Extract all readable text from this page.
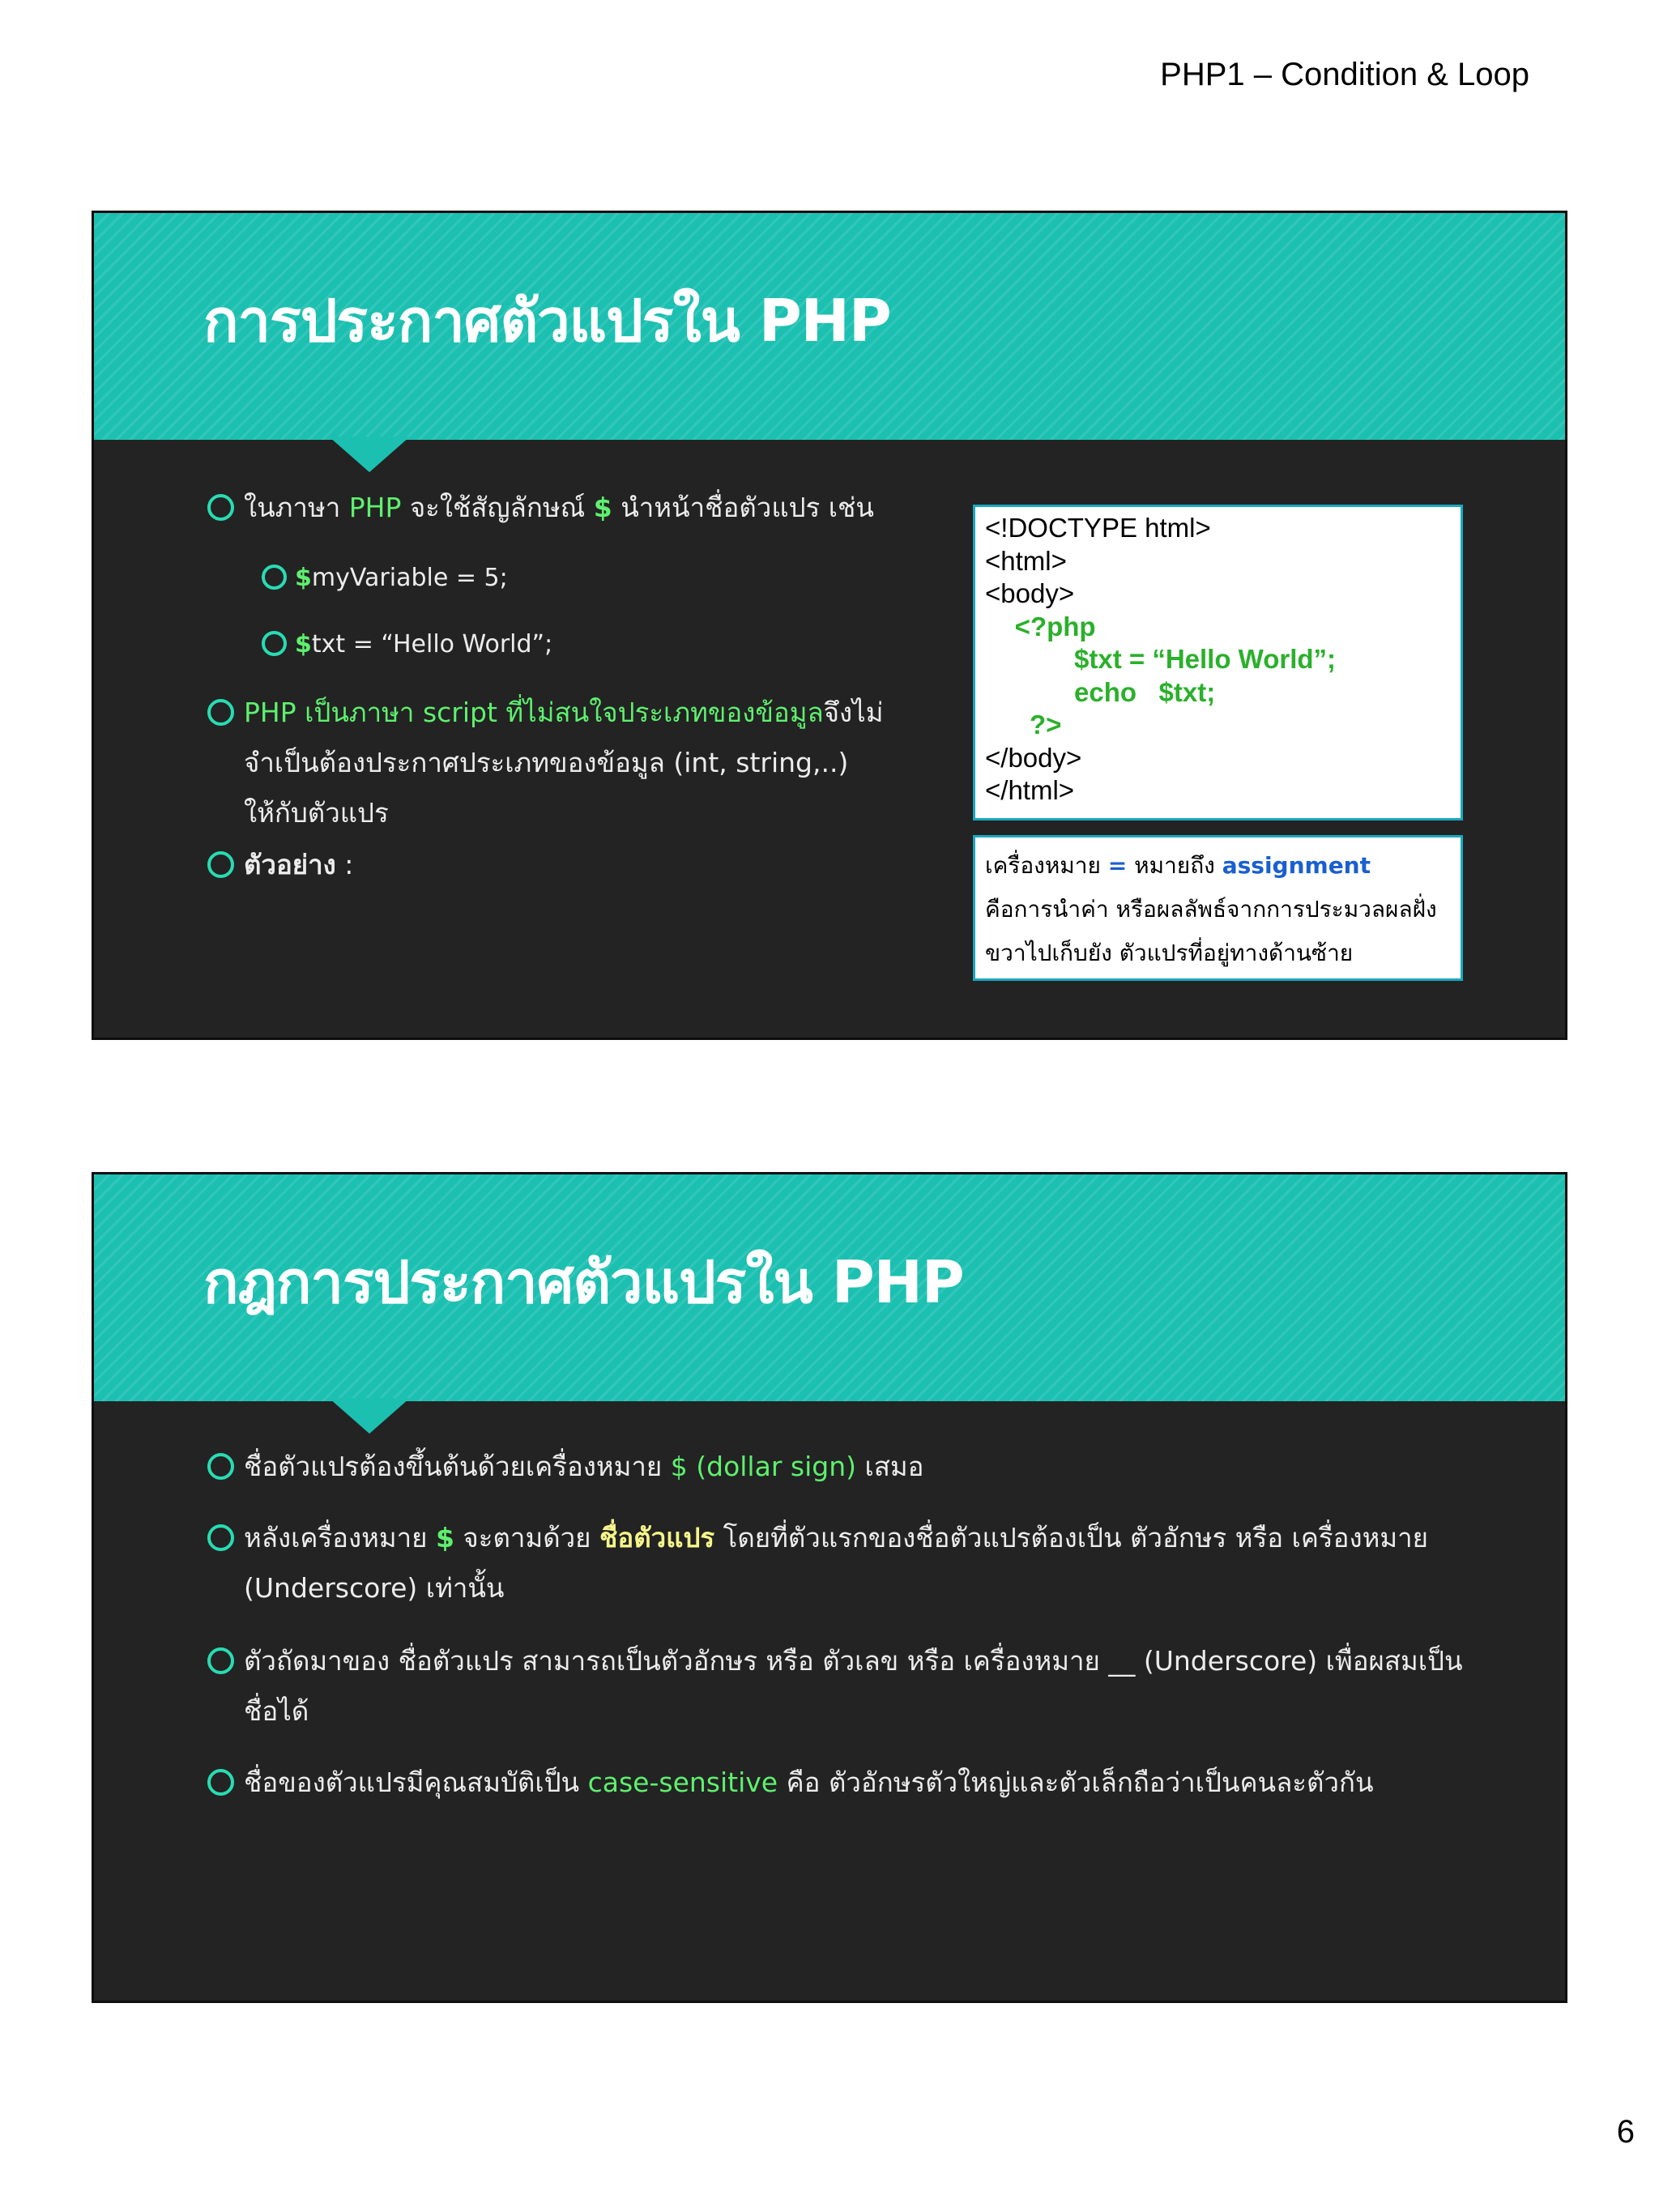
PHP1 – Condition & Loop
การประกาศตัวแปรใน PHP
ในภาษา PHP จะใช้สัญลักษณ์ $ นำหน้าชื่อตัวแปร เช่น
$myVariable = 5;
$txt = “Hello World”;
PHP เป็นภาษา script ที่ไม่สนใจประเภทของข้อมูลจึงไม่
จำเป็นต้องประกาศประเภทของข้อมูล (int, string,..)
ให้กับตัวแปร
ตัวอย่าง :
<!DOCTYPE html>
<html>
<body>
<?php
$txt = “Hello World”;
echo   $txt;
?>
</body>
</html>
เครื่องหมาย = หมายถึง assignment
คือการนำค่า หรือผลลัพธ์จากการประมวลผลฝั่ง
ขวาไปเก็บยัง ตัวแปรที่อยู่ทางด้านซ้าย
กฎการประกาศตัวแปรใน PHP
ชื่อตัวแปรต้องขึ้นต้นด้วยเครื่องหมาย $ (dollar sign) เสมอ
หลังเครื่องหมาย $ จะตามด้วย ชื่อตัวแปร โดยที่ตัวแรกของชื่อตัวแปรต้องเป็น ตัวอักษร หรือ เครื่องหมาย
(Underscore) เท่านั้น
ตัวถัดมาของ ชื่อตัวแปร สามารถเป็นตัวอักษร หรือ ตัวเลข หรือ เครื่องหมาย __ (Underscore) เพื่อผสมเป็น
ชื่อได้
ชื่อของตัวแปรมีคุณสมบัติเป็น case-sensitive คือ ตัวอักษรตัวใหญ่และตัวเล็กถือว่าเป็นคนละตัวกัน
6
